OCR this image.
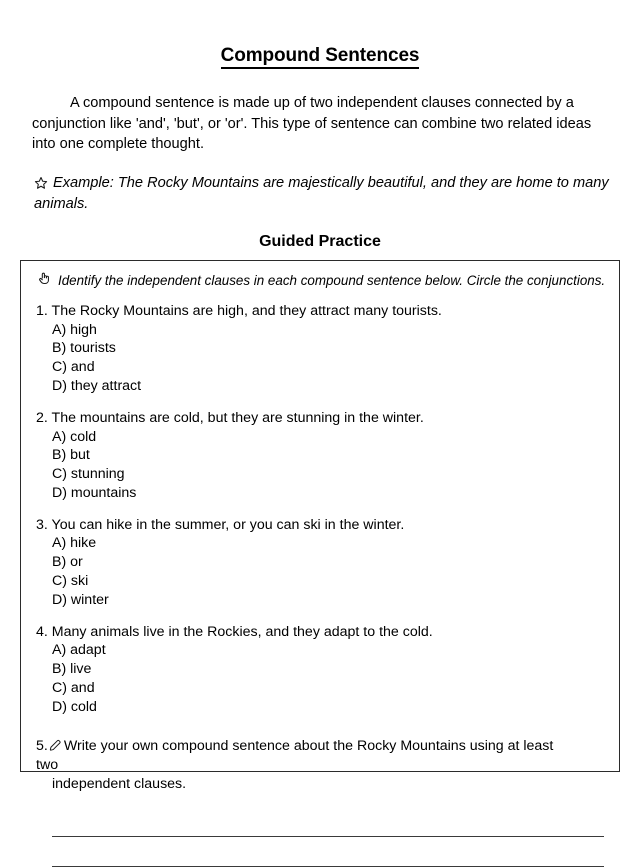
Compound Sentences

A compound sentence is made up of two independent clauses connected by a conjunction like 'and', 'but', or 'or'. This type of sentence can combine two related ideas into one complete thought.

Example: The Rocky Mountains are majestically beautiful, and they are home to many animals.

Guided Practice

Identify the independent clauses in each compound sentence below. Circle the conjunctions.

1. The Rocky Mountains are high, and they attract many tourists.

A) high
B) tourists
C) and
D) they attract

2. The mountains are cold, but they are stunning in the winter.

A) cold
B) but
C) stunning
D) mountains

3. You can hike in the summer, or you can ski in the winter.

A) hike
B) or
C) ski
D) winter

4. Many animals live in the Rockies, and they adapt to the cold.

A) adapt
B) live
C) and
D) cold

5. Write your own compound sentence about the Rocky Mountains using at least two
independent clauses.
